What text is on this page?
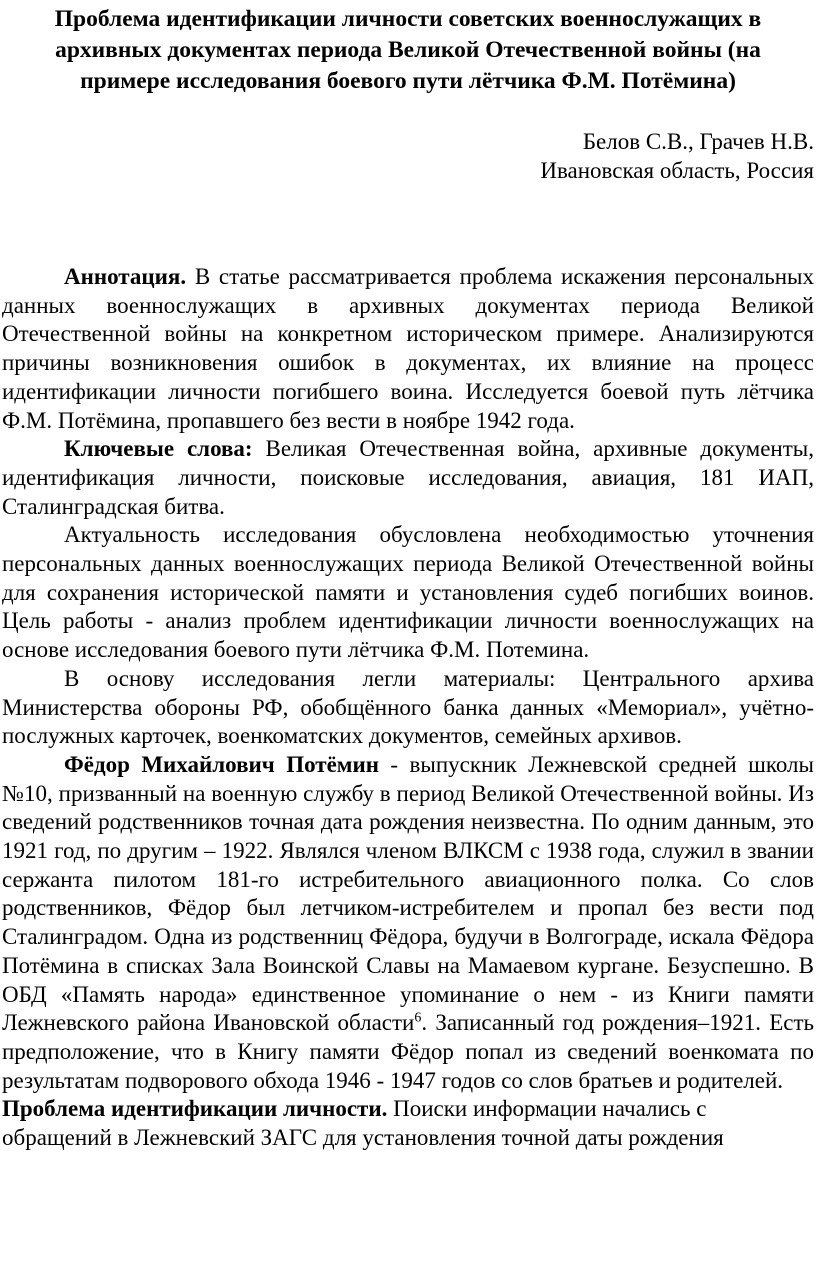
Проблема идентификации личности советских военнослужащих в архивных документах периода Великой Отечественной войны (на примере исследования боевого пути лётчика Ф.М. Потёмина)
Белов С.В., Грачев Н.В.
Ивановская область, Россия

Аннотация. В статье рассматривается проблема искажения персональных данных военнослужащих в архивных документах периода Великой Отечественной войны на конкретном историческом примере. Анализируются причины возникновения ошибок в документах, их влияние на процесс идентификации личности погибшего воина. Исследуется боевой путь лётчика Ф.М. Потёмина, пропавшего без вести в ноябре 1942 года.

Ключевые слова: Великая Отечественная война, архивные документы, идентификация личности, поисковые исследования, авиация, 181 ИАП, Сталинградская битва.

Актуальность исследования обусловлена необходимостью уточнения персональных данных военнослужащих периода Великой Отечественной войны для сохранения исторической памяти и установления судеб погибших воинов. Цель работы - анализ проблем идентификации личности военнослужащих на основе исследования боевого пути лётчика Ф.М. Потемина.

В основу исследования легли материалы: Центрального архива Министерства обороны РФ, обобщённого банка данных «Мемориал», учётно-послужных карточек, военкоматских документов, семейных архивов.

Фёдор Михайлович Потёмин - выпускник Лежневской средней школы №10, призванный на военную службу в период Великой Отечественной войны. Из сведений родственников точная дата рождения неизвестна. По одним данным, это 1921 год, по другим – 1922. Являлся членом ВЛКСМ с 1938 года, служил в звании сержанта пилотом 181-го истребительного авиационного полка. Со слов родственников, Фёдор был летчиком-истребителем и пропал без вести под Сталинградом. Одна из родственниц Фёдора, будучи в Волгограде, искала Фёдора Потёмина в списках Зала Воинской Славы на Мамаевом кургане. Безуспешно. В ОБД «Память народа» единственное упоминание о нем - из Книги памяти Лежневского района Ивановской области$^6$. Записанный год рождения–1921. Есть предположение, что в Книгу памяти Фёдор попал из сведений военкомата по результатам подворового обхода 1946 - 1947 годов со слов братьев и родителей.

Проблема идентификации личности. Поиски информации начались с обращений в Лежневский ЗАГС для установления точной даты рождения
